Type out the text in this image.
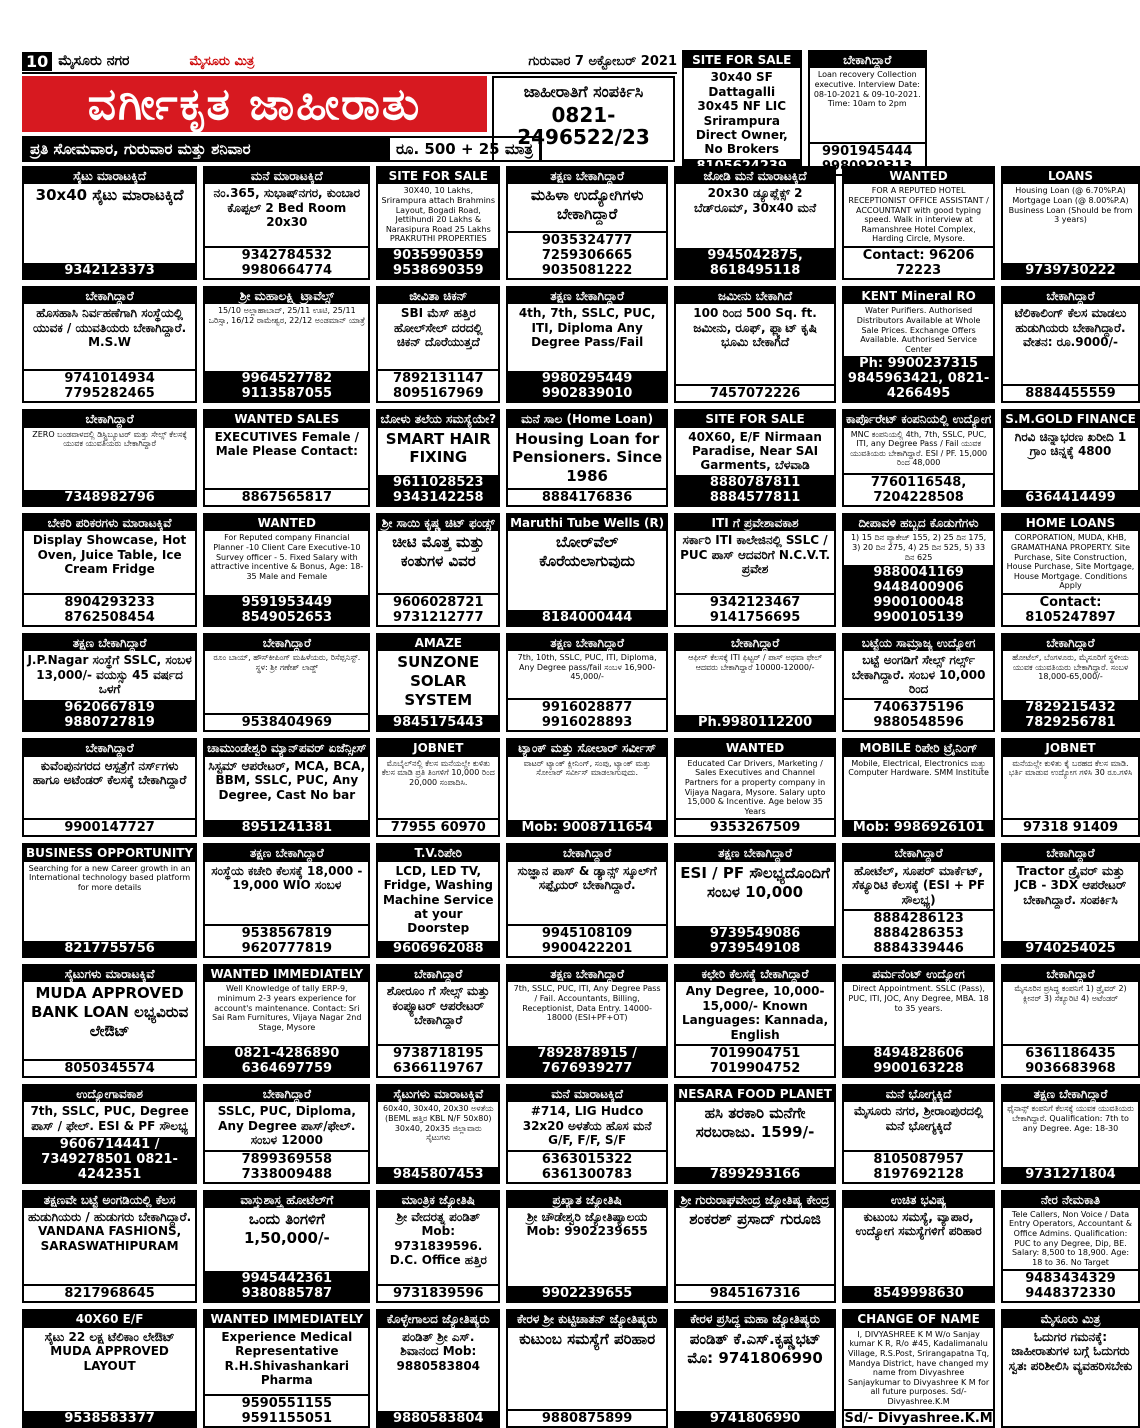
10 ಮೈಸೂರು ನಗರ	ಮೈಸೂರು ಮಿತ್ರ	ಗುರುವಾರ 7 ಅಕ್ಟೋಬರ್ 2021
ವರ್ಗೀಕೃತ ಜಾಹೀರಾತು
ಪ್ರತಿ ಸೋಮವಾರ, ಗುರುವಾರ ಮತ್ತು ಶನಿವಾರ	ರೂ. 500 + 25 ಮಾತ್ರ
ಜಾಹೀರಾತಿಗೆ ಸಂಪರ್ಕಿಸಿ
0821-2496522/23
SITE FOR SALE
30x40 SF Dattagalli 30x45 NF LIC Srirampura Direct Owner, No Brokers
ಬೇಕಾಗಿದ್ದಾರೆ
Loan recovery Collection executive. Interview Date: 08-10-2021 & 09-10-2021. Time: 10am to 2pm
9901945444
ಸೈಟು ಮಾರಾಟಕ್ಕಿದೆ
30x40 ಸೈಟು ಮಾರಾಟಕ್ಕಿದೆ
9342123373
ಮನೆ ಮಾರಾಟಕ್ಕಿದೆ
ನಂ.365, ಸುಭಾಷ್‌ನಗರ, ಕುಂಬಾರ ಕೊಪ್ಪಲ್ 2 Bed Room 20x30
9342784532 9980664774
SITE FOR SALE
30X40, 10 Lakhs, Srirampura attach Brahmins Layout, Bogadi Road, Jettihundi 20 Lakhs & Narasipura Road 25 Lakhs PRAKRUTHI PROPERTIES
9035990359 9538690359
ತಕ್ಷಣ ಬೇಕಾಗಿದ್ದಾರೆ
ಮಹಿಳಾ ಉದ್ಯೋಗಿಗಳು ಬೇಕಾಗಿದ್ದಾರೆ
9035324777 7259306665 9035081222
ಜೋಡಿ ಮನೆ ಮಾರಾಟಕ್ಕಿದೆ
20x30 ಡ್ಯೂಪ್ಲೆಕ್ಸ್ 2 ಬೆಡ್‌ರೂಮ್, 30x40 ಮನೆ
9945042875, 8618495118
WANTED
FOR A REPUTED HOTEL RECEPTIONIST OFFICE ASSISTANT / ACCOUNTANT with good typing speed. Walk in interview at Ramanshree Hotel Complex, Harding Circle, Mysore.
Contact: 96206 72223
LOANS
Housing Loan (@ 6.70%P.A) Mortgage Loan (@ 8.00%P.A) Business Loan (Should be from 3 years)
9739730222
ಬೇಕಾಗಿದ್ದಾರೆ
ಹೊಸಹಾಸಿ ನಿರ್ವಹಣೆಗಾಗಿ ಸಂಸ್ಥೆಯಲ್ಲಿ ಯುವಕ / ಯುವತಿಯರು ಬೇಕಾಗಿದ್ದಾರೆ. M.S.W
9741014934 7795282465
ಶ್ರೀ ಮಹಾಲಕ್ಷ್ಮಿ ಟ್ರಾವೆಲ್ಸ್
15/10 ಅಲ್ಲಾಹಾಬಾದ್, 25/11 ಊಟಿ, 25/11 ಒರಿಸ್ಸಾ, 16/12 ರಾಮೇಶ್ವರ, 22/12 ಅಂಡಮಾನ್ ಯಾತ್ರೆ
9964527782 9113587055
ಜೀವಿತಾ ಚಿಕನ್
SBI ಮೆಸ್ ಹತ್ತಿರ ಹೋಲ್‌ಸೇಲ್ ದರದಲ್ಲಿ ಚಿಕನ್ ದೊರೆಯುತ್ತದೆ
7892131147 8095167969
ತಕ್ಷಣ ಬೇಕಾಗಿದ್ದಾರೆ
4th, 7th, SSLC, PUC, ITI, Diploma Any Degree Pass/Fail
9980295449 9902839010
ಜಮೀನು ಬೇಕಾಗಿದೆ
100 ರಿಂದ 500 Sq. ft. ಜಮೀನು, ರೂಫ್, ಫ್ಲ್ಯಾಟ್ ಕೃಷಿ ಭೂಮಿ ಬೇಕಾಗಿದೆ
7457072226
KENT Mineral RO
Water Purifiers. Authorised Distributors Available at Whole Sale Prices. Exchange Offers Available. Authorised Service Center
Ph: 9900237315 9845963421, 0821-4266495
ಬೇಕಾಗಿದ್ದಾರೆ
ಟೆಲಿಕಾಲಿಂಗ್ ಕೆಲಸ ಮಾಡಲು ಹುಡುಗಿಯರು ಬೇಕಾಗಿದ್ದಾರೆ. ವೇತನ: ರೂ.9000/-
8884455559
ಬೇಕಾಗಿದ್ದಾರೆ
ZERO ಬಂಡವಾಳದಲ್ಲಿ ಡಿಸ್ಟ್ರಿಬ್ಯೂಟರ್ ಮತ್ತು ಸೇಲ್ಸ್ ಕೆಲಸಕ್ಕೆ ಯುವಕ ಯುವತಿಯರು ಬೇಕಾಗಿದ್ದಾರೆ
7348982796
WANTED SALES
EXECUTIVES Female / Male Please Contact:
8867565817
ಬೋಳು ತಲೆಯ ಸಮಸ್ಯೆಯೇ?
SMART HAIR FIXING
9611028523 9343142258
ಮನೆ ಸಾಲ (Home Loan)
Housing Loan for Pensioners. Since 1986
8884176836
SITE FOR SALE
40X60, E/F Nirmaan Paradise, Near SAI Garments, ಬೆಳವಾಡಿ
8880787811 8884577811
ಕಾರ್ಪೊರೇಟ್ ಕಂಪನಿಯಲ್ಲಿ ಉದ್ಯೋಗ
MNC ಕಂಪನಿಯಲ್ಲಿ 4th, 7th, SSLC, PUC, ITI, any Degree Pass / Fail ಯುವಕ ಯುವತಿಯರು ಬೇಕಾಗಿದ್ದಾರೆ. ESI / PF. 15,000 ರಿಂದ 48,000
7760116548, 7204228508
S.M.GOLD FINANCE
ಗಿರವಿ ಚಿನ್ನಾಭರಣ ಖರೀದಿ 1 ಗ್ರಾಂ ಚಿನ್ನಕ್ಕೆ 4800
6364414499
ಬೇಕರಿ ಪರಿಕರಗಳು ಮಾರಾಟಕ್ಕಿವೆ
Display Showcase, Hot Oven, Juice Table, Ice Cream Fridge
8904293233 8762508454
WANTED
For Reputed company Financial Planner -10 Client Care Executive-10 Survey officer - 5. Fixed Salary with attractive incentive & Bonus, Age: 18-35 Male and Female
9591953449 8549052653
ಶ್ರೀ ಸಾಯಿ ಕೃಷ್ಣ ಚಿಟ್ ಫಂಡ್ಸ್
ಚೀಟಿ ಮೊತ್ತ ಮತ್ತು ಕಂತುಗಳ ವಿವರ
9606028721 9731212777
Maruthi Tube Wells (R)
ಬೋರ್‌ವೆಲ್ ಕೊರೆಯಲಾಗುವುದು
8184000444
ITI ಗೆ ಪ್ರವೇಶಾವಕಾಶ
ಸರ್ಕಾರಿ ITI ಕಾಲೇಜಿನಲ್ಲಿ SSLC / PUC ಪಾಸ್ ಆದವರಿಗೆ N.C.V.T. ಪ್ರವೇಶ
9342123467 9141756695
ದೀಪಾವಳಿ ಹಬ್ಬದ ಕೊಡುಗೆಗಳು
1) 15 ದಿನ ಪ್ಯಾಕೇಜ್ 155, 2) 25 ದಿನ 175, 3) 20 ದಿನ 275, 4) 25 ದಿನ 525, 5) 33 ದಿನ 625
9880041169 9448400906 9900100048 9900105139
HOME LOANS
CORPORATION, MUDA, KHB, GRAMATHANA PROPERTY. Site Purchase, Site Construction, House Purchase, Site Mortgage, House Mortgage. Conditions Apply
Contact: 8105247897
ತಕ್ಷಣ ಬೇಕಾಗಿದ್ದಾರೆ
J.P.Nagar ಸಂಸ್ಥೆಗೆ SSLC, ಸಂಬಳ 13,000/- ವಯಸ್ಸು 45 ವರ್ಷದ ಒಳಗೆ
9620667819 9880727819
ಬೇಕಾಗಿದ್ದಾರೆ
ರೂಂ ಬಾಯ್, ಹೌಸ್‌ಕೀಪಿಂಗ್ ಮಹಿಳೆಯರು, ರಿಸೆಪ್ಷನಿಸ್ಟ್. ಸ್ಥಳ: ಶ್ರೀ ಗಣೇಶ್ ಲಾಡ್ಜ್
9538404969
AMAZE
SUNZONE SOLAR SYSTEM
9845175443
ತಕ್ಷಣ ಬೇಕಾಗಿದ್ದಾರೆ
7th, 10th, SSLC, PUC, ITI, Diploma, Any Degree pass/fail ಸಂಬಳ 16,900-45,000/-
9916028877 9916028893
ಬೇಕಾಗಿದ್ದಾರೆ
ಆಫೀಸ್ ಕೆಲಸಕ್ಕೆ ITI ಫಿಟ್ಟರ್ / ಪಾಸ್ ಅಥವಾ ಫೇಲ್ ಆದವರು ಬೇಕಾಗಿದ್ದಾರೆ 10000-12000/-
Ph.9980112200
ಬಟ್ಟೆಯ ಸಾಮ್ರಾಜ್ಯ ಉದ್ಯೋಗ
ಬಟ್ಟೆ ಅಂಗಡಿಗೆ ಸೇಲ್ಸ್ ಗರ್ಲ್ಸ್ ಬೇಕಾಗಿದ್ದಾರೆ. ಸಂಬಳ 10,000 ರಿಂದ
7406375196 9880548596
ಬೇಕಾಗಿದ್ದಾರೆ
ಹೋಟೆಲ್, ಬೆಂಗಳೂರು, ಮೈಸೂರಿಗೆ ಸ್ಥಳೀಯ ಯುವಕ ಯುವತಿಯರು ಬೇಕಾಗಿದ್ದಾರೆ. ಸಂಬಳ 18,000-65,000/-
7829215432 7829256781
ಬೇಕಾಗಿದ್ದಾರೆ
ಕುವೆಂಪುನಗರದ ಆಸ್ಪತ್ರೆಗೆ ನರ್ಸ್‌ಗಳು ಹಾಗೂ ಅಟೆಂಡರ್ ಕೆಲಸಕ್ಕೆ ಬೇಕಾಗಿದ್ದಾರೆ
9900147727
ಚಾಮುಂಡೇಶ್ವರಿ ಮ್ಯಾನ್‌ಪವರ್ ಏಜೆನ್ಸೀಸ್
ಸಿಸ್ಟಮ್ ಆಪರೇಟರ್, MCA, BCA, BBM, SSLC, PUC, Any Degree, Cast No bar
8951241381
JOBNET
ಮೊಬೈಲ್‌ನಲ್ಲಿ ಕೆಲಸ ಮನೆಯಲ್ಲೇ ಕುಳಿತು ಕೆಲಸ ಮಾಡಿ ಪ್ರತಿ ತಿಂಗಳಿಗೆ 10,000 ರಿಂದ 20,000 ಸಂಪಾದಿಸಿ.
77955 60970
ಟ್ಯಾಂಕ್ ಮತ್ತು ಸೋಲಾರ್ ಸರ್ವೀಸ್
ವಾಟರ್ ಟ್ಯಾಂಕ್ ಕ್ಲೀನಿಂಗ್, ಸಂಪು, ಟ್ಯಾಂಕ್ ಮತ್ತು ಸೋಲಾರ್ ಸರ್ವೀಸ್ ಮಾಡಲಾಗುವುದು.
Mob: 9008711654
WANTED
Educated Car Drivers, Marketing / Sales Executives and Channel Partners for a property company in Vijaya Nagara, Mysore. Salary upto 15,000 & Incentive. Age below 35 Years
9353267509
MOBILE ರಿಪೇರಿ ಟ್ರೈನಿಂಗ್
Mobile, Electrical, Electronics ಮತ್ತು Computer Hardware. SMM Institute
Mob: 9986926101
JOBNET
ಮನೆಯಲ್ಲೇ ಕುಳಿತು ಕೈ ಬರಹದ ಕೆಲಸ ಮಾಡಿ. ಭರ್ತಿ ಮಾಡುವ ಉದ್ಯೋಗ ಗಳಿಸಿ 30 ರೂ.ಗಳಿಸಿ
97318 91409
BUSINESS OPPORTUNITY
Searching for a new Career growth in an International technology based platform for more details
8217755756
ತಕ್ಷಣ ಬೇಕಾಗಿದ್ದಾರೆ
ಸಂಸ್ಥೆಯ ಕಚೇರಿ ಕೆಲಸಕ್ಕೆ 18,000 - 19,000 WIO ಸಂಬಳ
9538567819 9620777819
T.V.ರಿಪೇರಿ
LCD, LED TV, Fridge, Washing Machine Service at your Doorstep
9606962088
ಬೇಕಾಗಿದ್ದಾರೆ
ಸುಜ್ಞಾನ ಪಾಸ್ & ಡ್ಯಾನ್ಸ್ ಸ್ಕೂಲ್‌ಗೆ ಸಫ್ಪೈಯರ್ ಬೇಕಾಗಿದ್ದಾರೆ.
9945108109 9900422201
ತಕ್ಷಣ ಬೇಕಾಗಿದ್ದಾರೆ
ESI / PF ಸೌಲಭ್ಯದೊಂದಿಗೆ ಸಂಬಳ 10,000
9739549086 9739549108
ಬೇಕಾಗಿದ್ದಾರೆ
ಹೋಟೆಲ್, ಸೂಪರ್ ಮಾರ್ಕೆಟ್, ಸೆಕ್ಯೂರಿಟಿ ಕೆಲಸಕ್ಕೆ (ESI + PF ಸೌಲಭ್ಯ)
8884286123 8884286353 8884339446
ಬೇಕಾಗಿದ್ದಾರೆ
Tractor ಡ್ರೈವರ್ ಮತ್ತು JCB - 3DX ಆಪರೇಟರ್ ಬೇಕಾಗಿದ್ದಾರೆ. ಸಂಪರ್ಕಿಸಿ
9740254025
ಸೈಟುಗಳು ಮಾರಾಟಕ್ಕಿವೆ
MUDA APPROVED BANK LOAN ಲಭ್ಯವಿರುವ ಲೇಔಟ್
8050345574
WANTED IMMEDIATELY
Well Knowledge of tally ERP-9, minimum 2-3 years experience for account's maintenance. Contact: Sri Sai Ram Furnitures, Vijaya Nagar 2nd Stage, Mysore
0821-4286890 6364697759
ಬೇಕಾಗಿದ್ದಾರೆ
ಶೋರೂಂ ಗೆ ಸೇಲ್ಸ್ ಮತ್ತು ಕಂಪ್ಯೂಟರ್ ಆಪರೇಟರ್ ಬೇಕಾಗಿದ್ದಾರೆ
9738718195 6366119767
ತಕ್ಷಣ ಬೇಕಾಗಿದ್ದಾರೆ
7th, SSLC, PUC, ITI, Any Degree Pass / Fail. Accountants, Billing, Receptionist, Data Entry. 14000-18000 (ESI+PF+OT)
7892878915 / 7676939277
ಕಛೇರಿ ಕೆಲಸಕ್ಕೆ ಬೇಕಾಗಿದ್ದಾರೆ
Any Degree, 10,000-15,000/- Known Languages: Kannada, English
7019904751 7019904752
ಪರ್ಮನೆಂಟ್ ಉದ್ಯೋಗ
Direct Appointment. SSLC (Pass), PUC, ITI, JOC, Any Degree, MBA. 18 to 35 years.
8494828606 9900163228
ಬೇಕಾಗಿದ್ದಾರೆ
ಮೈಸೂರಿನ ಪ್ರಸಿದ್ಧ ಕಂಪನಿಗೆ 1) ಡ್ರೈವರ್ 2) ಕ್ಲೀನರ್ 3) ಸೆಕ್ಯೂರಿಟಿ 4) ಅಟೆಂಡರ್
6361186435 9036683968
ಉದ್ಯೋಗಾವಕಾಶ
7th, SSLC, PUC, Degree ಪಾಸ್ / ಫೇಲ್. ESI & PF ಸೌಲಭ್ಯ
9606714441 / 7349278501 0821-4242351
ಬೇಕಾಗಿದ್ದಾರೆ
SSLC, PUC, Diploma, Any Degree ಪಾಸ್/ಫೇಲ್. ಸಂಬಳ 12000
7899369558 7338009488
ಸೈಟುಗಳು ಮಾರಾಟಕ್ಕಿವೆ
60x40, 30x40, 20x30 ಅಳತೆಯ (BEML ಹತ್ತಿರ KBL N/F 50x80) 30x40, 20x35 ಜಿಲ್ಲಾವಾರು ಸೈಟುಗಳು
9845807453
ಮನೆ ಮಾರಾಟಕ್ಕಿದೆ
#714, LIG Hudco 32x20 ಅಳತೆಯ ಹೊಸ ಮನೆ G/F, F/F, S/F
6363015322 6361300783
NESARA FOOD PLANET
ಹಸಿ ತರಕಾರಿ ಮನೆಗೇ ಸರಬರಾಜು. 1599/-
7899293166
ಮನೆ ಭೋಗ್ಯಕ್ಕಿದೆ
ಮೈಸೂರು ನಗರ, ಶ್ರೀರಾಂಪುರದಲ್ಲಿ ಮನೆ ಭೋಗ್ಯಕ್ಕಿದೆ
8105087957 8197692128
ತಕ್ಷಣ ಬೇಕಾಗಿದ್ದಾರೆ
ಫೈನಾನ್ಸ್ ಕಂಪನಿಗೆ ಕೆಲಸಕ್ಕೆ ಯುವಕ ಯುವತಿಯರು ಬೇಕಾಗಿದ್ದಾರೆ. Qualification: 7th to any Degree. Age: 18-30
9731271804
ತಕ್ಷಣವೇ ಬಟ್ಟೆ ಅಂಗಡಿಯಲ್ಲಿ ಕೆಲಸ
ಹುಡುಗಿಯರು / ಹುಡುಗರು ಬೇಕಾಗಿದ್ದಾರೆ. VANDANA FASHIONS, SARASWATHIPURAM
8217968645
ವಾಸ್ತುಶಾಸ್ತ್ರ ಹೋಟೆಲ್‌ಗೆ
ಒಂದು ತಿಂಗಳಿಗೆ 1,50,000/-
9945442361 9380885787
ಮಾಂತ್ರಿಕ ಜ್ಯೋತಿಷಿ
ಶ್ರೀ ವೇದರತ್ನ ಪಂಡಿತ್ Mob: 9731839596. D.C. Office ಹತ್ತಿರ
9731839596
ಪ್ರಖ್ಯಾತ ಜ್ಯೋತಿಷಿ
ಶ್ರೀ ಚೌಡೇಶ್ವರಿ ಜ್ಯೋತಿಷ್ಯಾಲಯ Mob: 9902239655
9902239655
ಶ್ರೀ ಗುರುರಾಘವೇಂದ್ರ ಜ್ಯೋತಿಷ್ಯ ಕೇಂದ್ರ
ಶಂಕರಶ್ ಪ್ರಸಾದ್ ಗುರೂಜಿ
9845167316
ಉಚಿತ ಭವಿಷ್ಯ
ಕುಟುಂಬ ಸಮಸ್ಯೆ, ವ್ಯಾಪಾರ, ಉದ್ಯೋಗ ಸಮಸ್ಯೆಗಳಿಗೆ ಪರಿಹಾರ
8549998630
ನೇರ ನೇಮಕಾತಿ
Tele Callers, Non Voice / Data Entry Operators, Accountant & Office Admins. Qualification: PUC to any Degree, Dip, BE. Salary: 8,500 to 18,900. Age: 18 to 36. No Target
9483434329 9448372330
40X60 E/F
ಸೈಟು 22 ಲಕ್ಷ ಟೆಲಿಕಾಂ ಲೇಔಟ್ MUDA APPROVED LAYOUT
9538583377
WANTED IMMEDIATELY
Experience Medical Representative R.H.Shivashankari Pharma
9590551155 9591155051
ಕೊಳ್ಳೇಗಾಲದ ಜ್ಯೋತಿಷ್ಯರು
ಪಂಡಿತ್ ಶ್ರೀ ಎಸ್. ಶಿವಾನಂದ Mob: 9880583804
9880583804
ಕೇರಳ ಶ್ರೀ ಕುಟ್ಟಿಚಾತನ್ ಜ್ಯೋತಿಷ್ಯರು
ಕುಟುಂಬ ಸಮಸ್ಯೆಗೆ ಪರಿಹಾರ
9880875899
ಕೇರಳ ಪ್ರಸಿದ್ಧ ಮಹಾ ಜ್ಯೋತಿಷ್ಯರು
ಪಂಡಿತ್ ಕೆ.ಎಸ್.ಕೃಷ್ಣಭಟ್ ಮೊ: 9741806990
9741806990
CHANGE OF NAME
I, DIVYASHREE K M W/o Sanjay kumar K R, R/o #45, Kadalimanalu Village, R.S.Post, Srirangapatna Tq, Mandya District, have changed my name from Divyashree Sanjaykumar to Divyashree K M for all future purposes. Sd/- Divyashree.K.M
Sd/- Divyashree.K.M
ಮೈಸೂರು ಮಿತ್ರ
ಓದುಗರ ಗಮನಕ್ಕೆ: ಜಾಹೀರಾತುಗಳ ಬಗ್ಗೆ ಓದುಗರು ಸ್ವತಃ ಪರಿಶೀಲಿಸಿ ವ್ಯವಹರಿಸಬೇಕು
